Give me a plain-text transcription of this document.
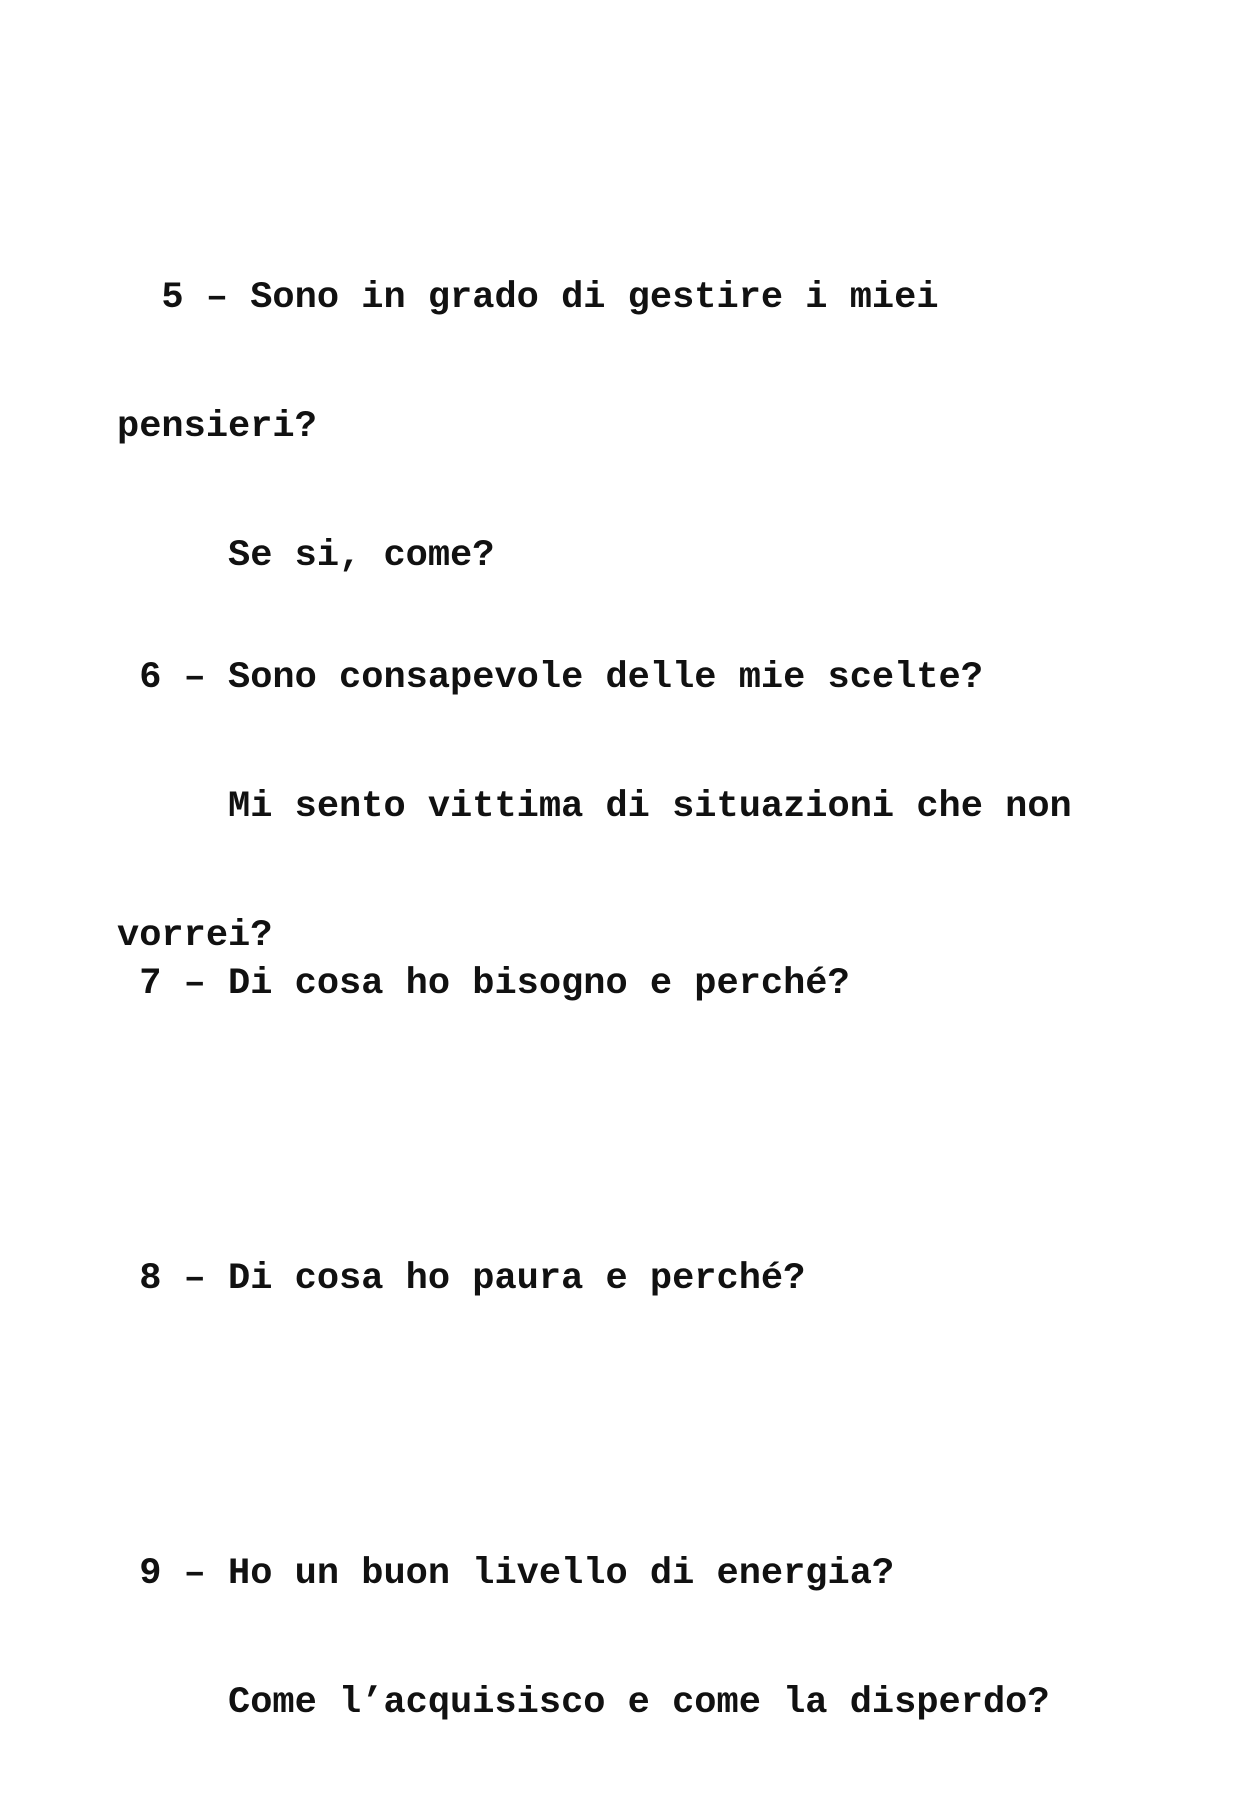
5 – Sono in grado di gestire i miei

pensieri?

Se si, come?

6 – Sono consapevole delle mie scelte?

Mi sento vittima di situazioni che non

vorrei?

7 – Di cosa ho bisogno e perché?

8 – Di cosa ho paura e perché?

9 – Ho un buon livello di energia?

Come l’acquisisco e come la disperdo?
